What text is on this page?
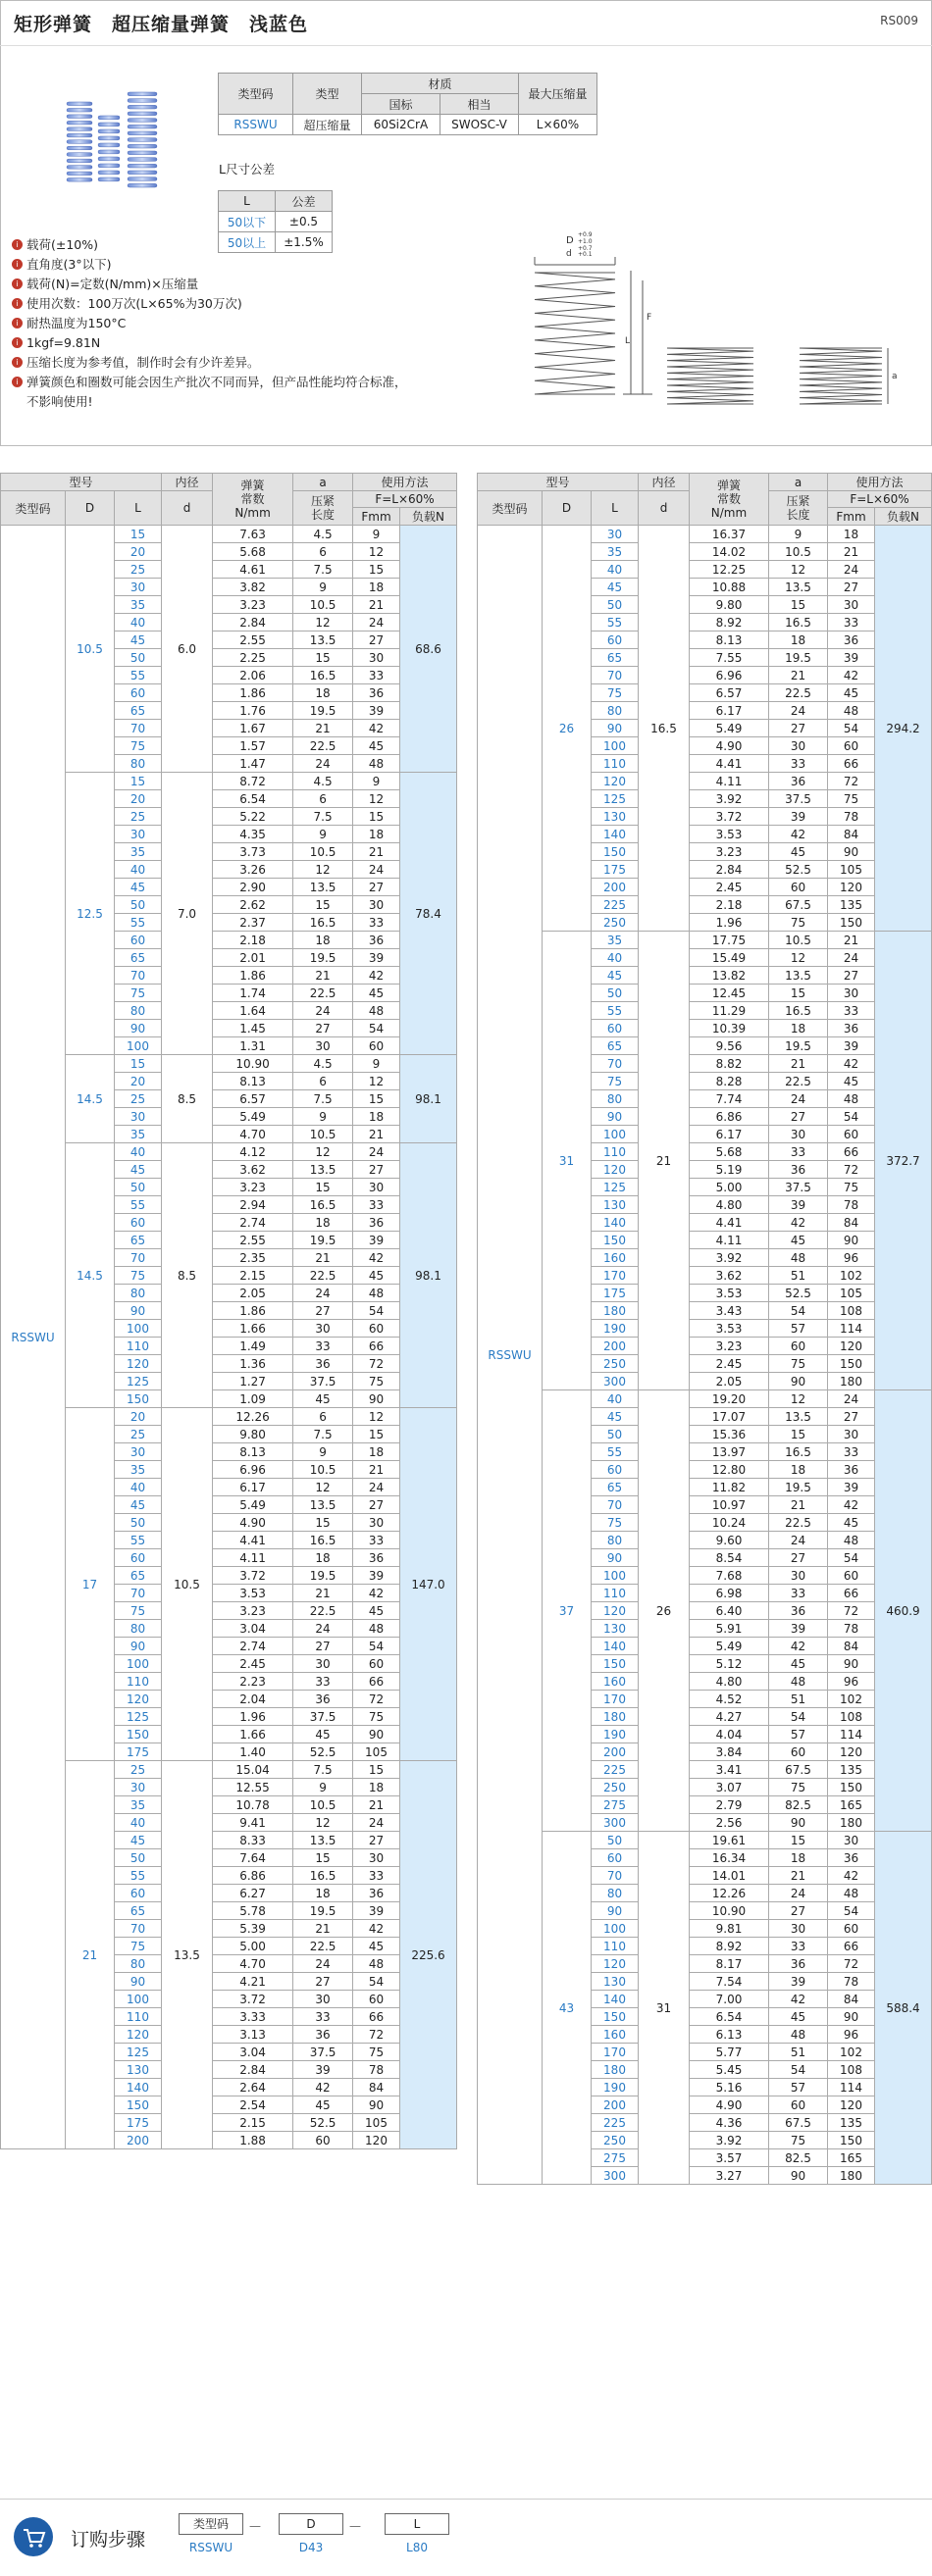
矩形弹簧　超压缩量弹簧　浅蓝色	RS009
类型码	类型	材质		最大压缩量
		国标	相当	
RSSWU	超压缩量	60Si2CrA	SWOSC-V	L×60%
L尺寸公差
L	公差
50以下	±0.5
50以上	±1.5%
i 载荷(±10%)
i 直角度(3°以下)
i 载荷(N)=定数(N/mm)×压缩量
i 使用次数：100万次(L×65%为30万次)
i 耐热温度为150°C
i 1kgf=9.81N
i 压缩长度为参考值，制作时会有少许差异。
i 弹簧颜色和圈数可能会因生产批次不同而异，但产品性能均符合标准，
不影响使用!
D
+0.9
+1.0
+0.7
+0.1
d
F
L
a
型号			内径	弹簧
常数
N/mm	a	使用方法	
类型码	D	L	d		压紧
长度	F=L×60%	
						Fmm	负载N
RSSWU	10.5	15	6.0	7.63	4.5	9	68.6
		20		5.68	6	12	
		25		4.61	7.5	15	
		30		3.82	9	18	
		35		3.23	10.5	21	
		40		2.84	12	24	
		45		2.55	13.5	27	
		50		2.25	15	30	
		55		2.06	16.5	33	
		60		1.86	18	36	
		65		1.76	19.5	39	
		70		1.67	21	42	
		75		1.57	22.5	45	
		80		1.47	24	48	
	12.5	15	7.0	8.72	4.5	9	78.4
		20		6.54	6	12	
		25		5.22	7.5	15	
		30		4.35	9	18	
		35		3.73	10.5	21	
		40		3.26	12	24	
		45		2.90	13.5	27	
		50		2.62	15	30	
		55		2.37	16.5	33	
		60		2.18	18	36	
		65		2.01	19.5	39	
		70		1.86	21	42	
		75		1.74	22.5	45	
		80		1.64	24	48	
		90		1.45	27	54	
		100		1.31	30	60	
	14.5	15	8.5	10.90	4.5	9	98.1
		20		8.13	6	12	
		25		6.57	7.5	15	
		30		5.49	9	18	
		35		4.70	10.5	21	
	14.5	40	8.5	4.12	12	24	98.1
		45		3.62	13.5	27	
		50		3.23	15	30	
		55		2.94	16.5	33	
		60		2.74	18	36	
		65		2.55	19.5	39	
		70		2.35	21	42	
		75		2.15	22.5	45	
		80		2.05	24	48	
		90		1.86	27	54	
		100		1.66	30	60	
		110		1.49	33	66	
		120		1.36	36	72	
		125		1.27	37.5	75	
		150		1.09	45	90	
	17	20	10.5	12.26	6	12	147.0
		25		9.80	7.5	15	
		30		8.13	9	18	
		35		6.96	10.5	21	
		40		6.17	12	24	
		45		5.49	13.5	27	
		50		4.90	15	30	
		55		4.41	16.5	33	
		60		4.11	18	36	
		65		3.72	19.5	39	
		70		3.53	21	42	
		75		3.23	22.5	45	
		80		3.04	24	48	
		90		2.74	27	54	
		100		2.45	30	60	
		110		2.23	33	66	
		120		2.04	36	72	
		125		1.96	37.5	75	
		150		1.66	45	90	
		175		1.40	52.5	105	
	21	25	13.5	15.04	7.5	15	225.6
		30		12.55	9	18	
		35		10.78	10.5	21	
		40		9.41	12	24	
		45		8.33	13.5	27	
		50		7.64	15	30	
		55		6.86	16.5	33	
		60		6.27	18	36	
		65		5.78	19.5	39	
		70		5.39	21	42	
		75		5.00	22.5	45	
		80		4.70	24	48	
		90		4.21	27	54	
		100		3.72	30	60	
		110		3.33	33	66	
		120		3.13	36	72	
		125		3.04	37.5	75	
		130		2.84	39	78	
		140		2.64	42	84	
		150		2.54	45	90	
		175		2.15	52.5	105	
		200		1.88	60	120	
型号			内径	弹簧
常数
N/mm	a	使用方法	
类型码	D	L	d		压紧
长度	F=L×60%	
						Fmm	负载N
RSSWU	26	30	16.5	16.37	9	18	294.2
		35		14.02	10.5	21	
		40		12.25	12	24	
		45		10.88	13.5	27	
		50		9.80	15	30	
		55		8.92	16.5	33	
		60		8.13	18	36	
		65		7.55	19.5	39	
		70		6.96	21	42	
		75		6.57	22.5	45	
		80		6.17	24	48	
		90		5.49	27	54	
		100		4.90	30	60	
		110		4.41	33	66	
		120		4.11	36	72	
		125		3.92	37.5	75	
		130		3.72	39	78	
		140		3.53	42	84	
		150		3.23	45	90	
		175		2.84	52.5	105	
		200		2.45	60	120	
		225		2.18	67.5	135	
		250		1.96	75	150	
	31	35	21	17.75	10.5	21	372.7
		40		15.49	12	24	
		45		13.82	13.5	27	
		50		12.45	15	30	
		55		11.29	16.5	33	
		60		10.39	18	36	
		65		9.56	19.5	39	
		70		8.82	21	42	
		75		8.28	22.5	45	
		80		7.74	24	48	
		90		6.86	27	54	
		100		6.17	30	60	
		110		5.68	33	66	
		120		5.19	36	72	
		125		5.00	37.5	75	
		130		4.80	39	78	
		140		4.41	42	84	
		150		4.11	45	90	
		160		3.92	48	96	
		170		3.62	51	102	
		175		3.53	52.5	105	
		180		3.43	54	108	
		190		3.53	57	114	
		200		3.23	60	120	
		250		2.45	75	150	
		300		2.05	90	180	
	37	40	26	19.20	12	24	460.9
		45		17.07	13.5	27	
		50		15.36	15	30	
		55		13.97	16.5	33	
		60		12.80	18	36	
		65		11.82	19.5	39	
		70		10.97	21	42	
		75		10.24	22.5	45	
		80		9.60	24	48	
		90		8.54	27	54	
		100		7.68	30	60	
		110		6.98	33	66	
		120		6.40	36	72	
		130		5.91	39	78	
		140		5.49	42	84	
		150		5.12	45	90	
		160		4.80	48	96	
		170		4.52	51	102	
		180		4.27	54	108	
		190		4.04	57	114	
		200		3.84	60	120	
		225		3.41	67.5	135	
		250		3.07	75	150	
		275		2.79	82.5	165	
		300		2.56	90	180	
	43	50	31	19.61	15	30	588.4
		60		16.34	18	36	
		70		14.01	21	42	
		80		12.26	24	48	
		90		10.90	27	54	
		100		9.81	30	60	
		110		8.92	33	66	
		120		8.17	36	72	
		130		7.54	39	78	
		140		7.00	42	84	
		150		6.54	45	90	
		160		6.13	48	96	
		170		5.77	51	102	
		180		5.45	54	108	
		190		5.16	57	114	
		200		4.90	60	120	
		225		4.36	67.5	135	
		250		3.92	75	150	
		275		3.57	82.5	165	
		300		3.27	90	180	
订购步骤
类型码	—	D	—	L
RSSWU	D43	L80
